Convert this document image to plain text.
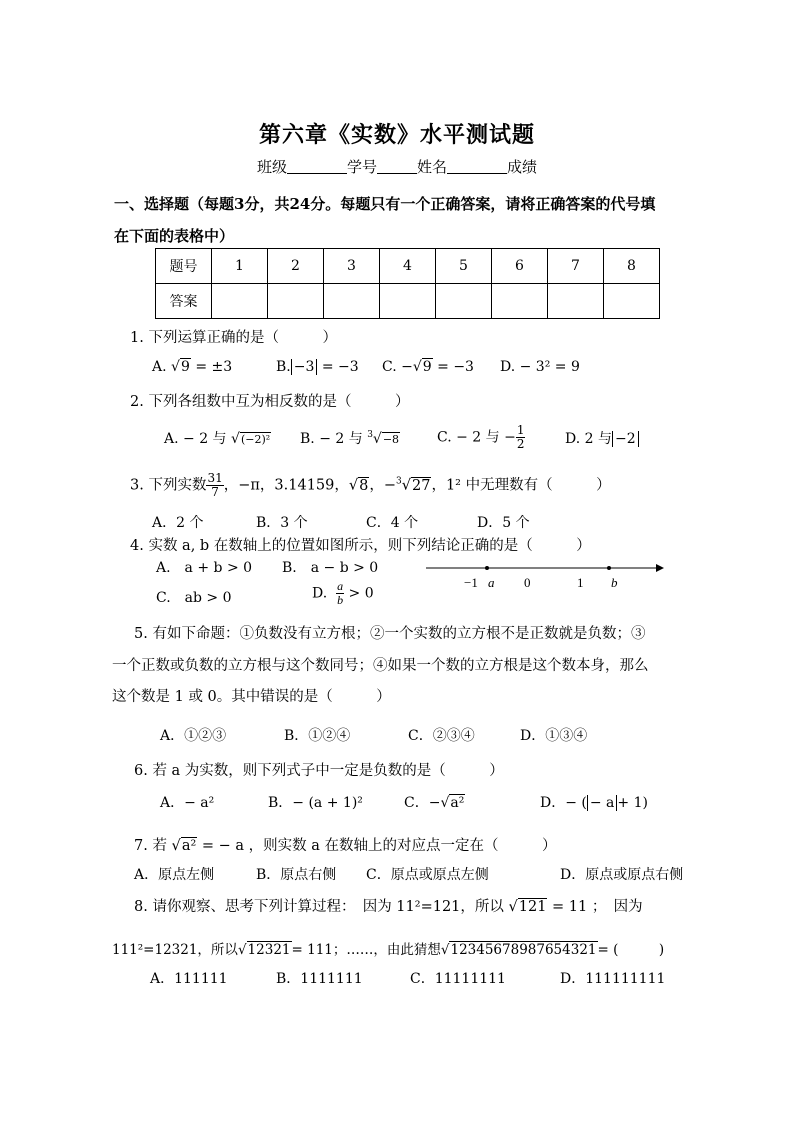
第六章《实数》水平测试题
班级	学号	姓名	成绩
一、选择题（每题3分，共24分。每题只有一个正确答案，请将正确答案的代号填
在下面的表格中）
题号	1	2	3	4	5	6	7	8
答案								
1. 下列运算正确的是（　　　）
A. √9 = ±3	B. −3 = −3 C. −√9 = −3 D. − 3² = 9
2. 下列各组数中互为相反数的是（　　　）
A. − 2 与 √(−2)² B. − 2 与 $^3$√−8	C. − 2 与 − $\frac{1}{2}$	D. 2 与 −2
3. 下列实数 $\frac{31}{7}$ ，−π，3.14159，√8，−$^3$√27，1² 中无理数有（　　　）
A．2 个	B．3 个	C．4 个	D．5 个
4. 实数 a, b 在数轴上的位置如图所示，则下列结论正确的是（　　　）
A.　a + b > 0 B.　a − b > 0
C.　ab > 0	D. $\frac{a}{b} > 0$
−1 a 0	1 b
5. 有如下命题：①负数没有立方根；②一个实数的立方根不是正数就是负数；③
一个正数或负数的立方根与这个数同号；④如果一个数的立方根是这个数本身，那么
这个数是 1 或 0。其中错误的是（　　　）
A．①②③	B．①②④	C．②③④	D．①③④
6. 若 a 为实数，则下列式子中一定是负数的是（　　　）
A．− a²	B．− (a + 1)²	C．−√a²	D．− ( − a + 1)
7. 若 √a² = − a ，则实数 a 在数轴上的对应点一定在（　　　）
A．原点左侧	B．原点右侧 C．原点或原点左侧	D．原点或原点右侧
8. 请你观察、思考下列计算过程：　因为 11²=121，所以 √121 = 11 ；　因为
111²=12321，所以√12321= 111；……，由此猜想√12345678987654321= (　　　)
A．111111	B．1111111	C．11111111	D．111111111
